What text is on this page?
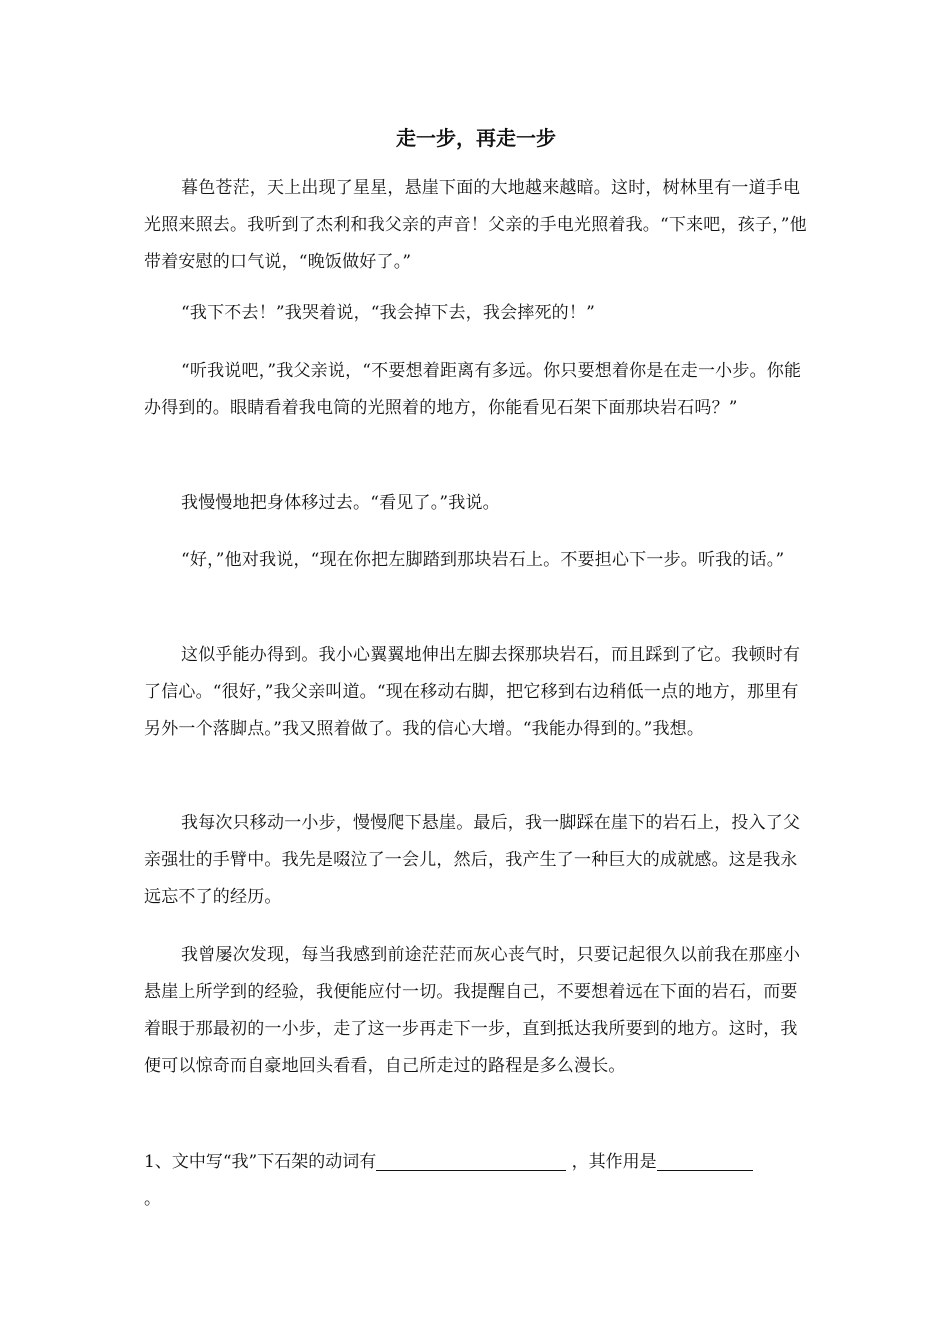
走一步，再走一步

暮色苍茫，天上出现了星星，悬崖下面的大地越来越暗。这时，树林里有一道手电光照来照去。我听到了杰利和我父亲的声音！父亲的手电光照着我。“下来吧，孩子，”他带着安慰的口气说，“晚饭做好了。”

“我下不去！”我哭着说，“我会掉下去，我会摔死的！”

“听我说吧，”我父亲说，“不要想着距离有多远。你只要想着你是在走一小步。你能办得到的。眼睛看着我电筒的光照着的地方，你能看见石架下面那块岩石吗？”

我慢慢地把身体移过去。“看见了。”我说。

“好，”他对我说，“现在你把左脚踏到那块岩石上。不要担心下一步。听我的话。”

这似乎能办得到。我小心翼翼地伸出左脚去探那块岩石，而且踩到了它。我顿时有了信心。“很好，”我父亲叫道。“现在移动右脚，把它移到右边稍低一点的地方，那里有另外一个落脚点。”我又照着做了。我的信心大增。“我能办得到的。”我想。

我每次只移动一小步，慢慢爬下悬崖。最后，我一脚踩在崖下的岩石上，投入了父亲强壮的手臂中。我先是啜泣了一会儿，然后，我产生了一种巨大的成就感。这是我永远忘不了的经历。

我曾屡次发现，每当我感到前途茫茫而灰心丧气时，只要记起很久以前我在那座小悬崖上所学到的经验，我便能应付一切。我提醒自己，不要想着远在下面的岩石，而要着眼于那最初的一小步，走了这一步再走下一步，直到抵达我所要到的地方。这时，我便可以惊奇而自豪地回头看看，自己所走过的路程是多么漫长。

1、文中写“我”下石架的动词有	，其作用是
。
